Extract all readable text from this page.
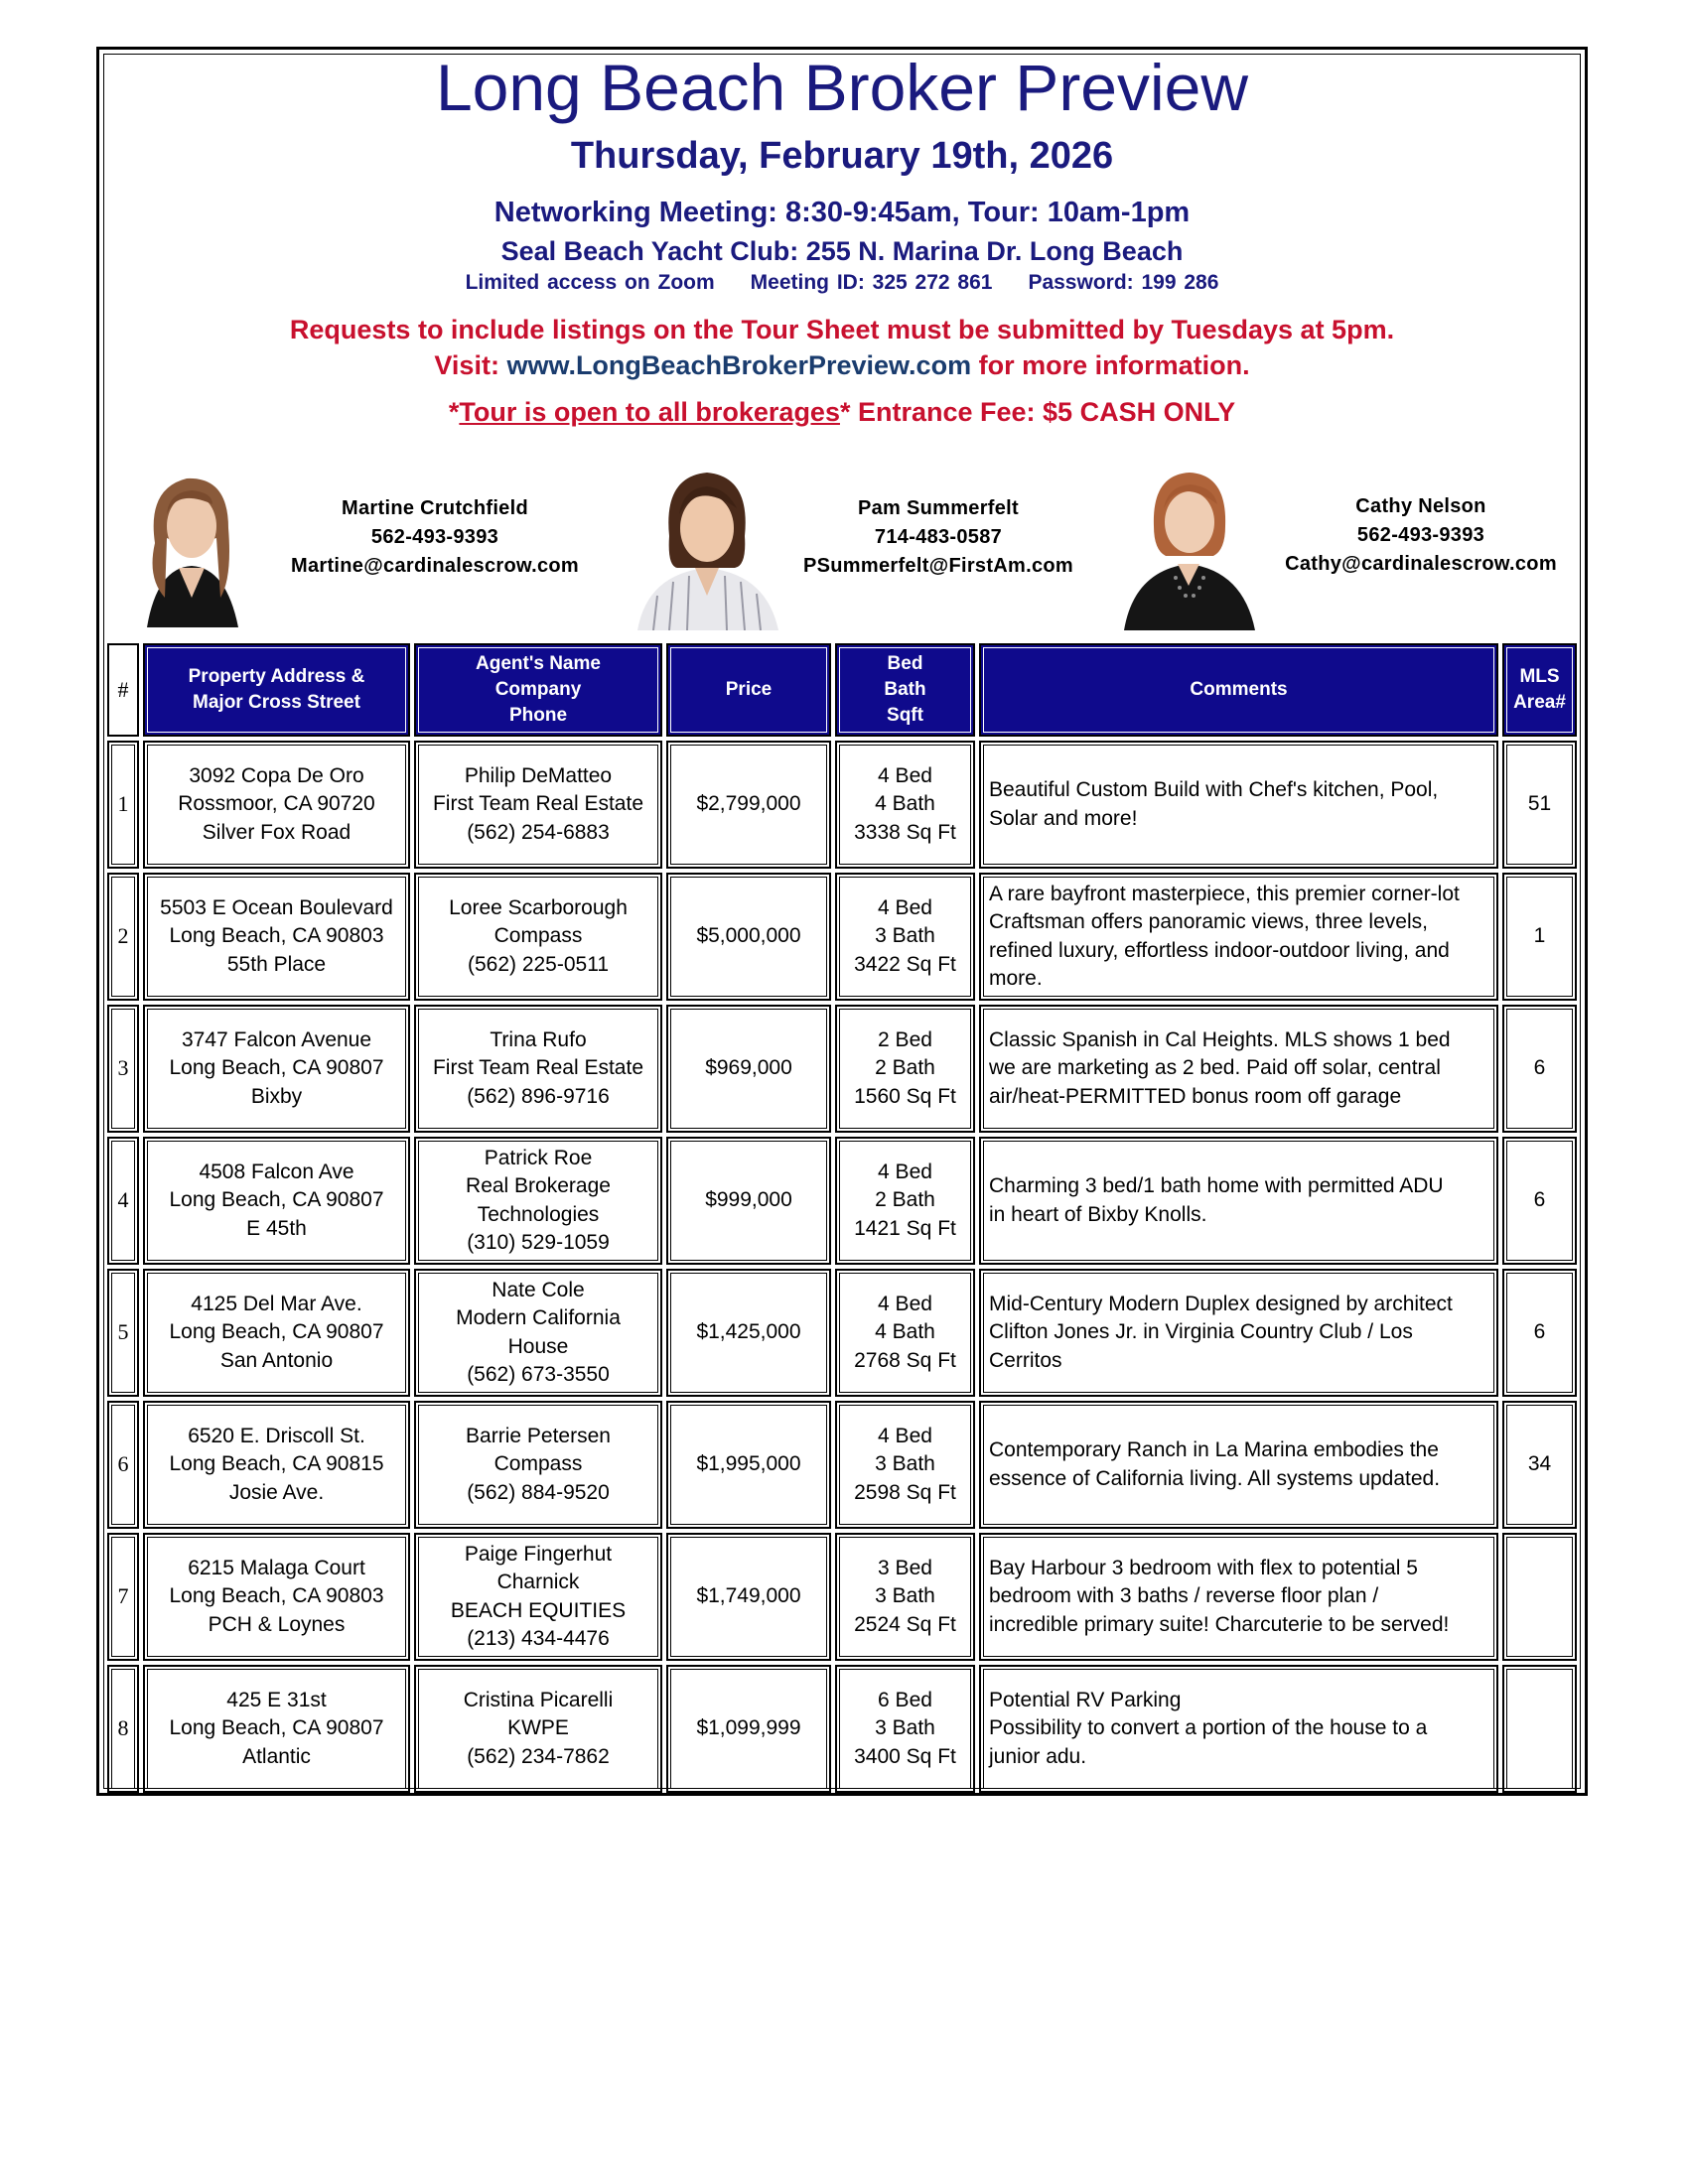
Long Beach Broker Preview
Thursday, February 19th, 2026
Networking Meeting: 8:30-9:45am, Tour: 10am-1pm
Seal Beach Yacht Club: 255 N. Marina Dr. Long Beach
Limited access on Zoom Meeting ID: 325 272 861 Password: 199 286
Requests to include listings on the Tour Sheet must be submitted by Tuesdays at 5pm.
Visit: www.LongBeachBrokerPreview.com for more information.
*Tour is open to all brokerages* Entrance Fee: $5 CASH ONLY
Martine Crutchfield
562-493-9393
Martine@cardinalescrow.com
Pam Summerfelt
714-483-0587
PSummerfelt@FirstAm.com
Cathy Nelson
562-493-9393
Cathy@cardinalescrow.com
#	Property Address &
Major Cross Street	Agent's Name
Company
Phone	Price	Bed
Bath
Sqft	Comments	MLS
Area#

1	3092 Copa De Oro
Rossmoor, CA 90720
Silver Fox Road	Philip DeMatteo
First Team Real Estate
(562) 254-6883	$2,799,000	4 Bed
4 Bath
3338 Sq Ft	Beautiful Custom Build with Chef's kitchen, Pool,
Solar and more!	51
2	5503 E Ocean Boulevard
Long Beach, CA 90803
55th Place	Loree Scarborough
Compass
(562) 225-0511	$5,000,000	4 Bed
3 Bath
3422 Sq Ft	A rare bayfront masterpiece, this premier corner-lot
Craftsman offers panoramic views, three levels,
refined luxury, effortless indoor-outdoor living, and
more.	1
3	3747 Falcon Avenue
Long Beach, CA 90807
Bixby	Trina Rufo
First Team Real Estate
(562) 896-9716	$969,000	2 Bed
2 Bath
1560 Sq Ft	Classic Spanish in Cal Heights. MLS shows 1 bed
we are marketing as 2 bed. Paid off solar, central
air/heat-PERMITTED bonus room off garage	6
4	4508 Falcon Ave
Long Beach, CA 90807
E 45th	Patrick Roe
Real Brokerage
Technologies
(310) 529-1059	$999,000	4 Bed
2 Bath
1421 Sq Ft	Charming 3 bed/1 bath home with permitted ADU
in heart of Bixby Knolls.	6
5	4125 Del Mar Ave.
Long Beach, CA 90807
San Antonio	Nate Cole
Modern California
House
(562) 673-3550	$1,425,000	4 Bed
4 Bath
2768 Sq Ft	Mid-Century Modern Duplex designed by architect
Clifton Jones Jr. in Virginia Country Club / Los
Cerritos	6
6	6520 E. Driscoll St.
Long Beach, CA 90815
Josie Ave.	Barrie Petersen
Compass
(562) 884-9520	$1,995,000	4 Bed
3 Bath
2598 Sq Ft	Contemporary Ranch in La Marina embodies the
essence of California living. All systems updated.	34
7	6215 Malaga Court
Long Beach, CA 90803
PCH & Loynes	Paige Fingerhut
Charnick
BEACH EQUITIES
(213) 434-4476	$1,749,000	3 Bed
3 Bath
2524 Sq Ft	Bay Harbour 3 bedroom with flex to potential 5
bedroom with 3 baths / reverse floor plan /
incredible primary suite! Charcuterie to be served!	

8	425 E 31st
Long Beach, CA 90807
Atlantic	Cristina Picarelli
KWPE
(562) 234-7862	$1,099,999	6 Bed
3 Bath
3400 Sq Ft	Potential RV Parking
Possibility to convert a portion of the house to a
junior adu.	
